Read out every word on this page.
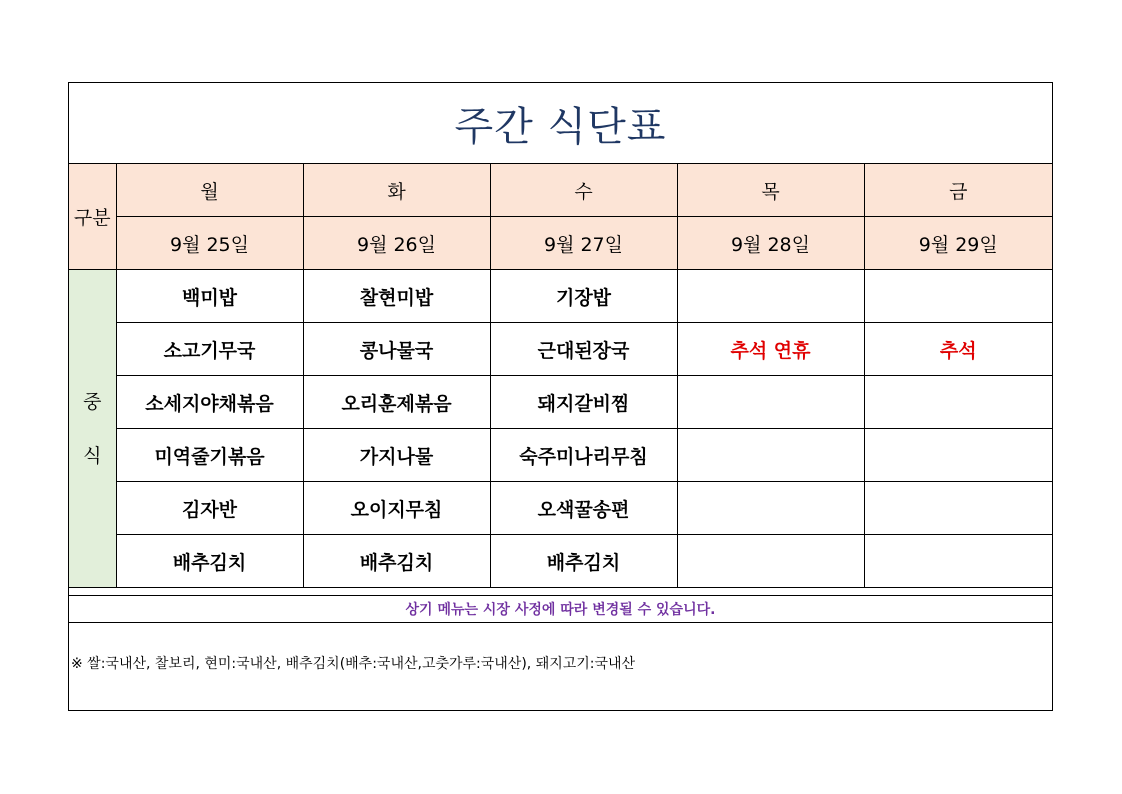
주간 식단표
구분	월	화	수	목	금
	9월 25일	9월 26일	9월 27일	9월 28일	9월 29일

중
식	백미밥	찰현미밥	기장밥		
	소고기무국	콩나물국	근대된장국	추석 연휴	추석
	소세지야채볶음	오리훈제볶음	돼지갈비찜		
	미역줄기볶음	가지나물	숙주미나리무침		
	김자반	오이지무침	오색꿀송편		
	배추김치	배추김치	배추김치		
상기 메뉴는 시장 사정에 따라 변경될 수 있습니다.
※ 쌀:국내산, 찰보리, 현미:국내산, 배추김치(배추:국내산,고춧가루:국내산), 돼지고기:국내산
